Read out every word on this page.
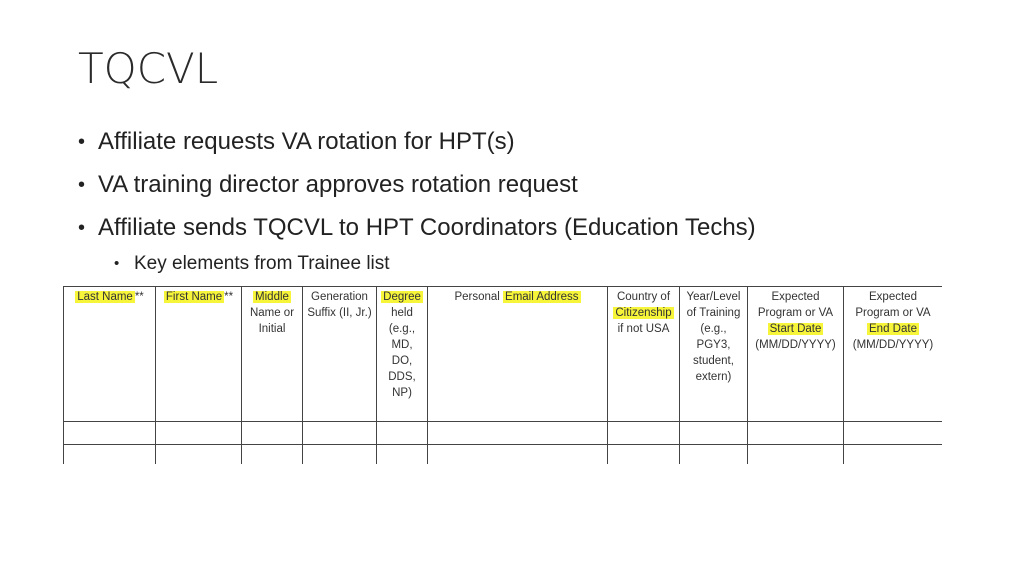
TQCVL
• Affiliate requests VA rotation for HPT(s)
• VA training director approves rotation request
• Affiliate sends TQCVL to HPT Coordinators (Education Techs)
• Key elements from Trainee list
Last Name **	First Name **	Middle Name or Initial	Generation Suffix (II, Jr.)	Degree held (e.g., MD, DO, DDS, NP)	Personal Email Address	Country of Citizenship if not USA	Year/Level of Training (e.g., PGY3, student, extern)	Expected Program or VA Start Date (MM/DD/YYYY)	Expected Program or VA End Date (MM/DD/YYYY)
